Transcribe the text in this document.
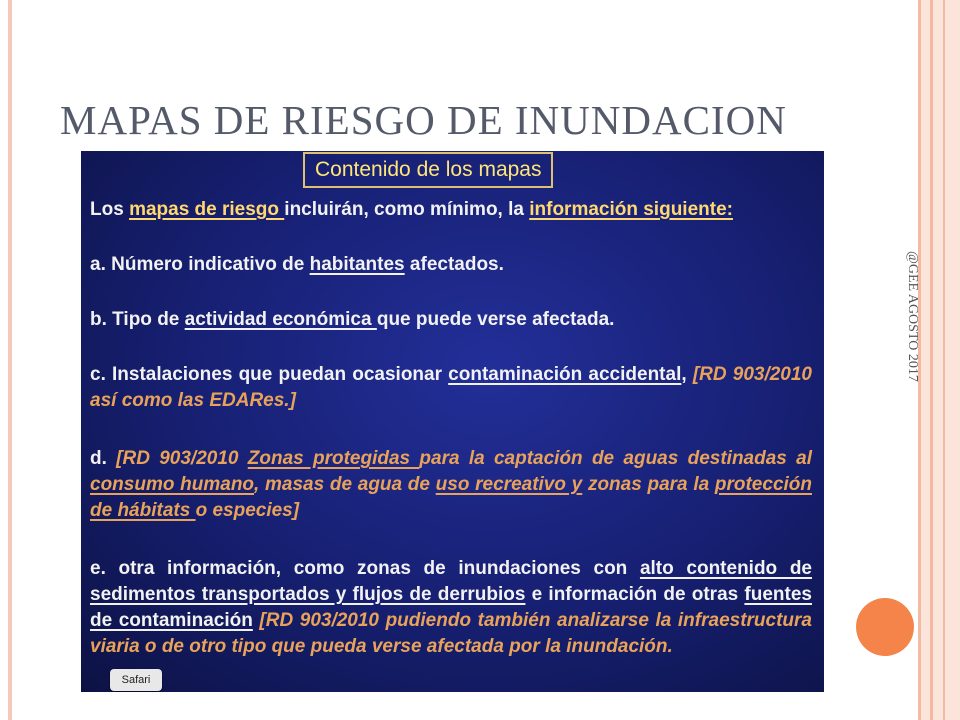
MAPAS DE RIESGO DE INUNDACION
@GEE AGOSTO 2017
Contenido de los mapas
Los mapas de riesgo incluirán, como mínimo, la información siguiente:
a. Número indicativo de habitantes afectados.
b. Tipo de actividad económica que puede verse afectada.
c. Instalaciones que puedan ocasionar contaminación accidental, [RD 903/2010 así como las EDARes.]
d. [RD 903/2010 Zonas protegidas para la captación de aguas destinadas al consumo humano, masas de agua de uso recreativo y zonas para la protección de hábitats o especies]
e. otra información, como zonas de inundaciones con alto contenido de sedimentos transportados y flujos de derrubios e información de otras fuentes de contaminación [RD 903/2010 pudiendo también analizarse la infraestructura viaria o de otro tipo que pueda verse afectada por la inundación.
Safari
